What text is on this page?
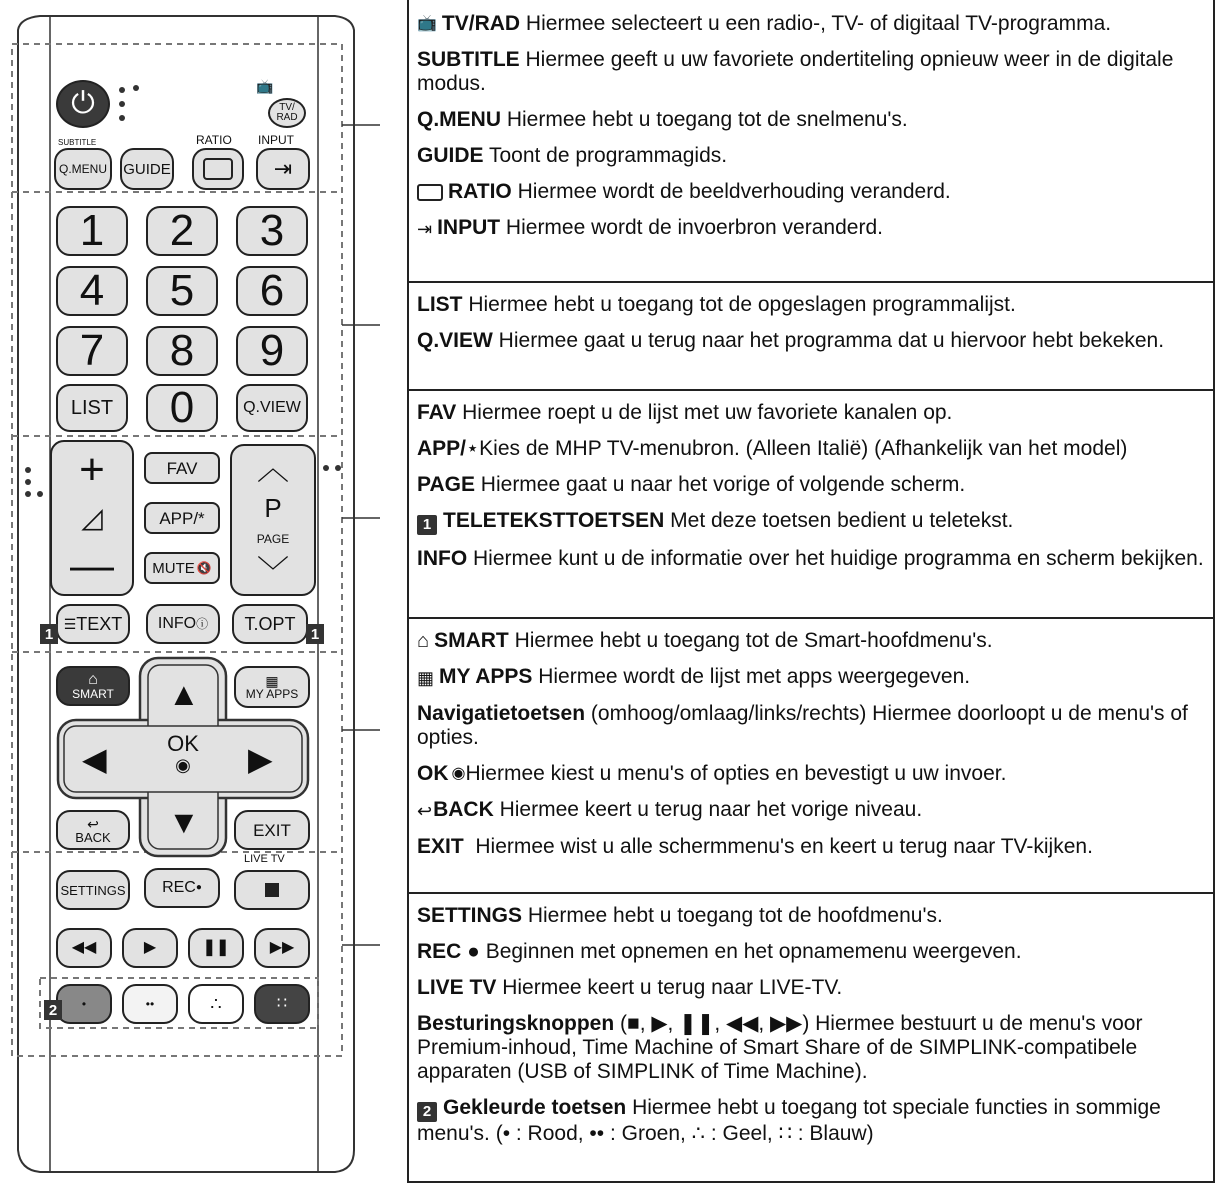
⏻
📺
TV/
RAD
SUBTITLE	RATIO INPUT
Q.MENU	GUIDE	⇥
1	2	3
4	5	6
7	8	9
LIST	0	Q.VIEW
+
◿
—
FAV
APP/*
MUTE 🔇
︿
P
PAGE
﹀
☰ TEXT INFO ⓘ	T.OPT
1	1
⌂
SMART
▦
MY APPS
▲
◀	▶
▼
OK
◉
↩
BACK	EXIT
LIVE TV
SETTINGS REC ●
◀◀	▶	❚❚	▶▶
•	••	∴	∷
2
📺 TV/RAD Hiermee selecteert u een radio-, TV- of digitaal TV-programma.
SUBTITLE Hiermee geeft u uw favoriete ondertiteling opnieuw weer in de digitale modus.
Q.MENU Hiermee hebt u toegang tot de snelmenu's.
GUIDE Toont de programmagids.
RATIO Hiermee wordt de beeldverhouding veranderd.
⇥ INPUT Hiermee wordt de invoerbron veranderd.
LIST Hiermee hebt u toegang tot de opgeslagen programmalijst.
Q.VIEW Hiermee gaat u terug naar het programma dat u hiervoor hebt bekeken.
FAV Hiermee roept u de lijst met uw favoriete kanalen op.
APP/⋆Kies de MHP TV-menubron. (Alleen Italië) (Afhankelijk van het model)
PAGE Hiermee gaat u naar het vorige of volgende scherm.
1 TELETEKSTTOETSEN Met deze toetsen bedient u teletekst.
INFO Hiermee kunt u de informatie over het huidige programma en scherm bekijken.
⌂ SMART Hiermee hebt u toegang tot de Smart-hoofdmenu's.
▦ MY APPS Hiermee wordt de lijst met apps weergegeven.
Navigatietoetsen (omhoog/omlaag/links/rechts) Hiermee doorloopt u de menu's of opties.
OK ◉Hiermee kiest u menu's of opties en bevestigt u uw invoer.
↩BACK Hiermee keert u terug naar het vorige niveau.
EXIT  Hiermee wist u alle schermmenu's en keert u terug naar TV-kijken.
SETTINGS Hiermee hebt u toegang tot de hoofdmenu's.
REC ● Beginnen met opnemen en het opnamemenu weergeven.
LIVE TV Hiermee keert u terug naar LIVE-TV.
Besturingsknoppen (■, ▶, ❚❚, ◀◀, ▶▶) Hiermee bestuurt u de menu's voor Premium-inhoud, Time Machine of Smart Share of de SIMPLINK-compatibele apparaten (USB of SIMPLINK of Time Machine).
2 Gekleurde toetsen Hiermee hebt u toegang tot speciale functies in sommige menu's. (• : Rood, •• : Groen, ∴ : Geel, ∷ : Blauw)
